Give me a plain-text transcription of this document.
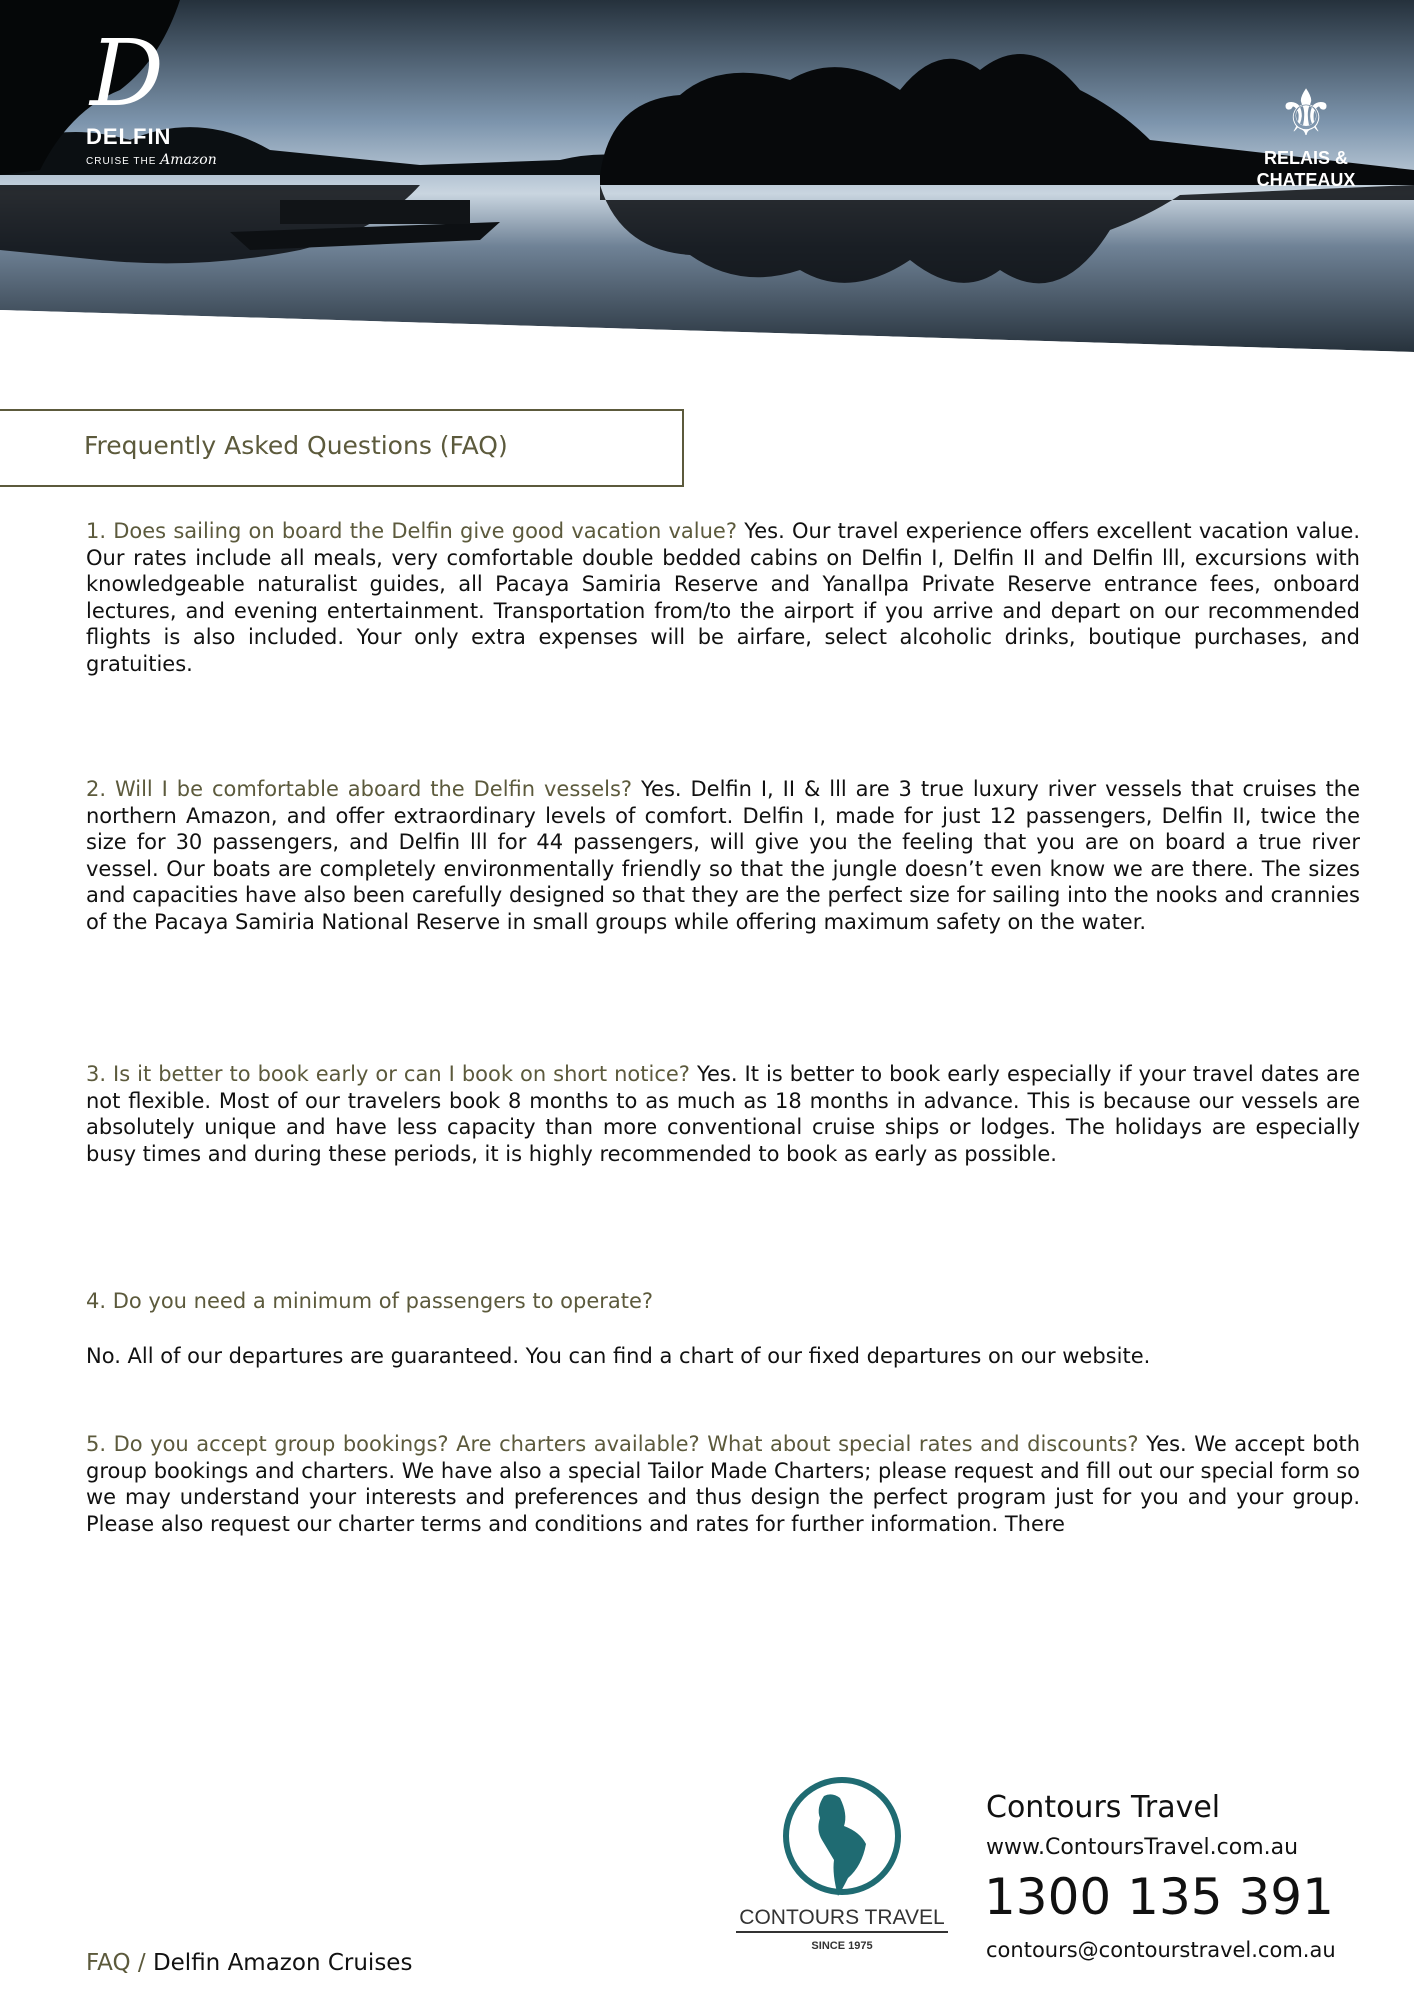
D
DELFIN
CRUISE THE Amazon
⚜
RELAIS &
CHATEAUX
Frequently Asked Questions (FAQ)
1. Does sailing on board the Delfin give good vacation value? Yes. Our travel experience offers excellent vacation value. Our rates include all meals, very comfortable double bedded cabins on Delfin I, Delfin II and Delfin lll, excursions with knowledgeable naturalist guides, all Pacaya Samiria Reserve and Yanallpa Private Reserve entrance fees, onboard lectures, and evening entertainment. Transportation from/to the airport if you arrive and depart on our recommended flights is also included. Your only extra expenses will be airfare, select alcoholic drinks, boutique purchases, and gratuities.
2. Will I be comfortable aboard the Delfin vessels? Yes. Delfin I, II & lll are 3 true luxury river vessels that cruises the northern Amazon, and offer extraordinary levels of comfort. Delfin I, made for just 12 passengers, Delfin II, twice the size for 30 passengers, and Delfin lll for 44 passengers, will give you the feeling that you are on board a true river vessel. Our boats are completely environmentally friendly so that the jungle doesn’t even know we are there. The sizes and capacities have also been carefully designed so that they are the perfect size for sailing into the nooks and crannies of the Pacaya Samiria National Reserve in small groups while offering maximum safety on the water.
3. Is it better to book early or can I book on short notice? Yes. It is better to book early especially if your travel dates are not flexible. Most of our travelers book 8 months to as much as 18 months in advance. This is because our vessels are absolutely unique and have less capacity than more conventional cruise ships or lodges. The holidays are especially busy times and during these periods, it is highly recommended to book as early as possible.
4. Do you need a minimum of passengers to operate?
No. All of our departures are guaranteed. You can find a chart of our fixed departures on our website.
5. Do you accept group bookings? Are charters available? What about special rates and discounts? Yes. We accept both group bookings and charters. We have also a special Tailor Made Charters; please request and fill out our special form so we may understand your interests and preferences and thus design the perfect program just for you and your group. Please also request our charter terms and conditions and rates for further information. There
CONTOURS TRAVEL
SINCE 1975
Contours Travel
www.ContoursTravel.com.au
1300 135 391
contours@contourstravel.com.au
FAQ / Delfin Amazon Cruises
